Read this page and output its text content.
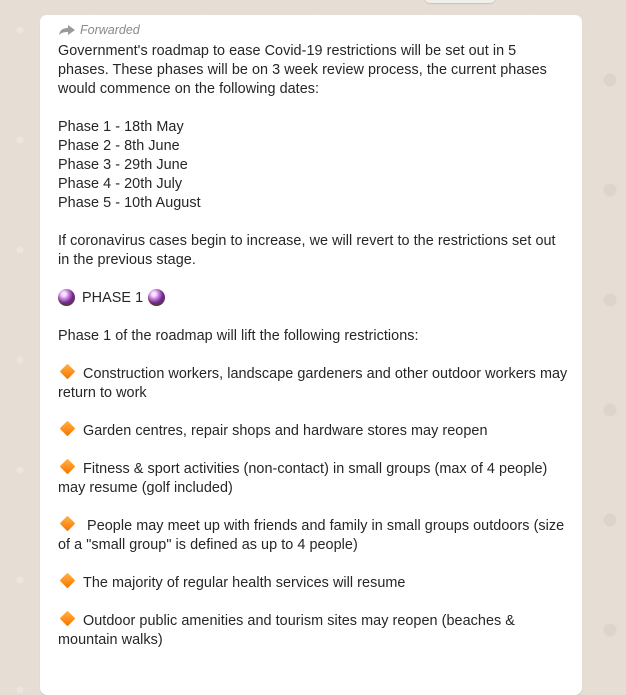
Forwarded

Government's roadmap to ease Covid-19 restrictions will be set out in 5 phases. These phases will be on 3 week review process, the current phases would commence on the following dates:

Phase 1 - 18th May
Phase 2 - 8th June
Phase 3 - 29th June
Phase 4 - 20th July
Phase 5 - 10th August

If coronavirus cases begin to increase, we will revert to the restrictions set out in the previous stage.

PHASE 1

Phase 1 of the roadmap will lift the following restrictions:

Construction workers, landscape gardeners and other outdoor workers may return to work

Garden centres, repair shops and hardware stores may reopen

Fitness & sport activities (non-contact) in small groups (max of 4 people) may resume (golf included)

People may meet up with friends and family in small groups outdoors (size of a "small group" is defined as up to 4 people)

The majority of regular health services will resume

Outdoor public amenities and tourism sites may reopen (beaches & mountain walks)
